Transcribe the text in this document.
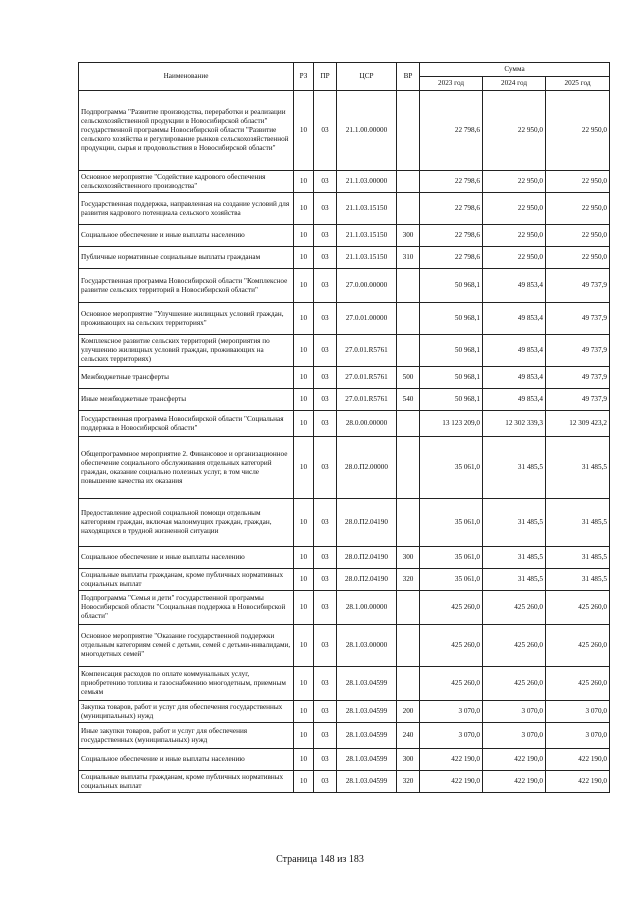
Наименование	РЗ	ПР	ЦСР	ВР	Сумма		
					2023 год	2024 год	2025 год
Подпрограмма "Развитие производства, переработки и реализации сельскохозяйственной продукции в Новосибирской области" государственной программы Новосибирской области "Развитие сельского хозяйства и регулирование рынков сельскохозяйственной продукции, сырья и продовольствия в Новосибирской области"	10	03	21.1.00.00000		22 798,6	22 950,0	22 950,0
Основное мероприятие "Содействие кадрового обеспечения сельскохозяйственного производства"	10	03	21.1.03.00000		22 798,6	22 950,0	22 950,0
Государственная поддержка, направленная на создание условий для развития кадрового потенциала сельского хозяйства	10	03	21.1.03.15150		22 798,6	22 950,0	22 950,0
Социальное обеспечение и иные выплаты населению	10	03	21.1.03.15150	300	22 798,6	22 950,0	22 950,0
Публичные нормативные социальные выплаты гражданам	10	03	21.1.03.15150	310	22 798,6	22 950,0	22 950,0
Государственная программа Новосибирской области "Комплексное развитие сельских территорий в Новосибирской области"	10	03	27.0.00.00000		50 968,1	49 853,4	49 737,9
Основное мероприятие "Улучшение жилищных условий граждан, проживающих на сельских территориях"	10	03	27.0.01.00000		50 968,1	49 853,4	49 737,9
Комплексное развитие сельских территорий (мероприятия по улучшению жилищных условий граждан, проживающих на сельских территориях)	10	03	27.0.01.R5761		50 968,1	49 853,4	49 737,9
Межбюджетные трансферты	10	03	27.0.01.R5761	500	50 968,1	49 853,4	49 737,9
Иные межбюджетные трансферты	10	03	27.0.01.R5761	540	50 968,1	49 853,4	49 737,9
Государственная программа Новосибирской области "Социальная поддержка в Новосибирской области"	10	03	28.0.00.00000		13 123 209,0	12 302 339,3	12 309 423,2
Общепрограммное мероприятие 2. Финансовое и организационное обеспечение социального обслуживания отдельных категорий граждан, оказание социально полезных услуг, в том числе повышение качества их оказания	10	03	28.0.П2.00000		35 061,0	31 485,5	31 485,5
Предоставление адресной социальной помощи отдельным категориям граждан, включая малоимущих граждан, граждан, находящихся в трудной жизненной ситуации	10	03	28.0.П2.04190		35 061,0	31 485,5	31 485,5
Социальное обеспечение и иные выплаты населению	10	03	28.0.П2.04190	300	35 061,0	31 485,5	31 485,5
Социальные выплаты гражданам, кроме публичных нормативных социальных выплат	10	03	28.0.П2.04190	320	35 061,0	31 485,5	31 485,5
Подпрограмма "Семья и дети" государственной программы Новосибирской области "Социальная поддержка в Новосибирской области"	10	03	28.1.00.00000		425 260,0	425 260,0	425 260,0
Основное мероприятие "Оказание государственной поддержки отдельным категориям семей с детьми, семей с детьми-инвалидами, многодетных семей"	10	03	28.1.03.00000		425 260,0	425 260,0	425 260,0
Компенсация расходов по оплате коммунальных услуг, приобретению топлива и газоснабжению многодетным, приемным семьям	10	03	28.1.03.04599		425 260,0	425 260,0	425 260,0
Закупка товаров, работ и услуг для обеспечения государственных (муниципальных) нужд	10	03	28.1.03.04599	200	3 070,0	3 070,0	3 070,0
Иные закупки товаров, работ и услуг для обеспечения государственных (муниципальных) нужд	10	03	28.1.03.04599	240	3 070,0	3 070,0	3 070,0
Социальное обеспечение и иные выплаты населению	10	03	28.1.03.04599	300	422 190,0	422 190,0	422 190,0
Социальные выплаты гражданам, кроме публичных нормативных социальных выплат	10	03	28.1.03.04599	320	422 190,0	422 190,0	422 190,0
Страница 148 из 183
